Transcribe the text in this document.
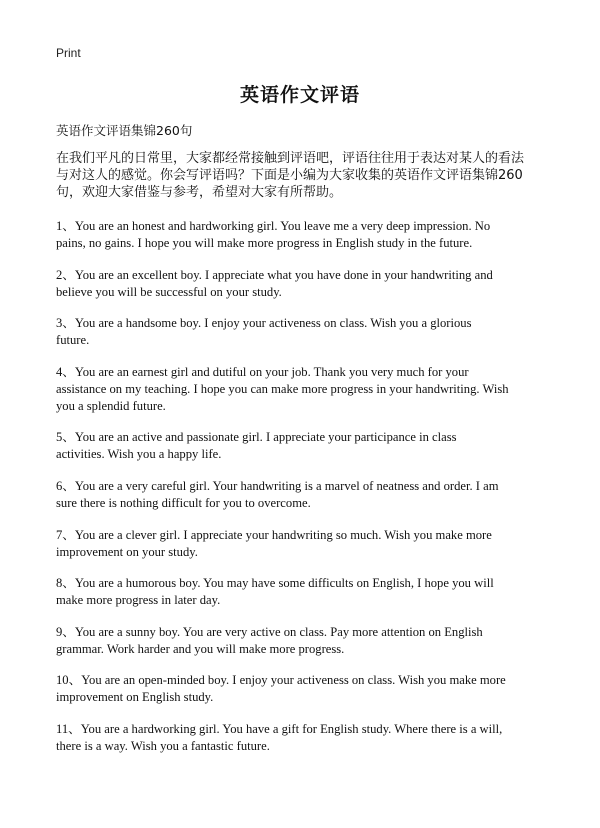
Print
英语作文评语
英语作文评语集锦260句
在我们平凡的日常里，大家都经常接触到评语吧，评语往往用于表达对某人的看法
与对这人的感觉。你会写评语吗？下面是小编为大家收集的英语作文评语集锦260
句，欢迎大家借鉴与参考，希望对大家有所帮助。
1、You are an honest and hardworking girl. You leave me a very deep impression. No
pains, no gains. I hope you will make more progress in English study in the future.
2、You are an excellent boy. I appreciate what you have done in your handwriting and
believe you will be successful on your study.
3、You are a handsome boy. I enjoy your activeness on class. Wish you a glorious
future.
4、You are an earnest girl and dutiful on your job. Thank you very much for your
assistance on my teaching. I hope you can make more progress in your handwriting. Wish
you a splendid future.
5、You are an active and passionate girl. I appreciate your participance in class
activities. Wish you a happy life.
6、You are a very careful girl. Your handwriting is a marvel of neatness and order. I am
sure there is nothing difficult for you to overcome.
7、You are a clever girl. I appreciate your handwriting so much. Wish you make more
improvement on your study.
8、You are a humorous boy. You may have some difficults on English, I hope you will
make more progress in later day.
9、You are a sunny boy. You are very active on class. Pay more attention on English
grammar. Work harder and you will make more progress.
10、You are an open-minded boy. I enjoy your activeness on class. Wish you make more
improvement on English study.
11、You are a hardworking girl. You have a gift for English study. Where there is a will,
there is a way. Wish you a fantastic future.
